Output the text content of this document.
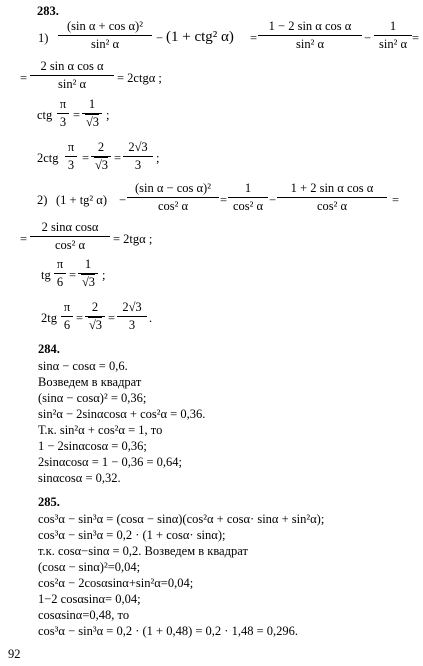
283.
$1) \frac{\text{(sin α + cos α)²}}{\text{sin² α}} - (1 + ctg^2$ $\alpha) = \frac{\text{1 − 2 sin α cos α}}{\text{sin² α}} - \frac{1}{\text{sin² α}}$ =
= $\frac{\text{2 sin α cos α}}{\text{sin² α}} = 2ctg\alpha$ ;
ctg $\frac{\pi}{3} = \frac{1}{√3}$ ;
$2ctg \frac{\pi}{3} = \frac{2}{√3} = \frac{2√3}{3}$ ;
2) (1 + tg² $\alpha) - \frac{\text{(sin α − cos α)²}}{\text{cos² α}} = \frac{1}{\text{cos² α}} - \frac{\text{1 + 2 sin α cos α}}{\text{cos² α}}$ =
= $\frac{\text{2 sinα cosα}}{\text{cos² α}} = 2tg\alpha$ ;
tg $\frac{\pi}{6} = \frac{1}{√3}$ ;
$2tg \frac{\pi}{6} = \frac{2}{√3} = \frac{2√3}{3}$ .
284.
sinα − cosα = 0,6.
Возведем в квадрат
(sinα − cosα)² = 0,36;
sin²α − 2sinαcosα + cos²α = 0,36.
Т.к. sin²α + cos²α = 1, то
1 − 2sinαcosα = 0,36;
2sinαcosα = 1 − 0,36 = 0,64;
sinαcosα = 0,32.
285.
cos³α − sin³α = (cosα − sinα)(cos²α + cosα· sinα + sin²α);
cos³α − sin³α = 0,2 · (1 + cosα· sinα);
т.к. cosα−sinα = 0,2. Возведем в квадрат
(cosα − sinα)²=0,04;
cos²α − 2cosαsinα+sin²α=0,04;
1−2 cosαsinα= 0,04;
cosαsinα=0,48, то
cos³α − sin³α = 0,2 · (1 + 0,48) = 0,2 · 1,48 = 0,296.
92
